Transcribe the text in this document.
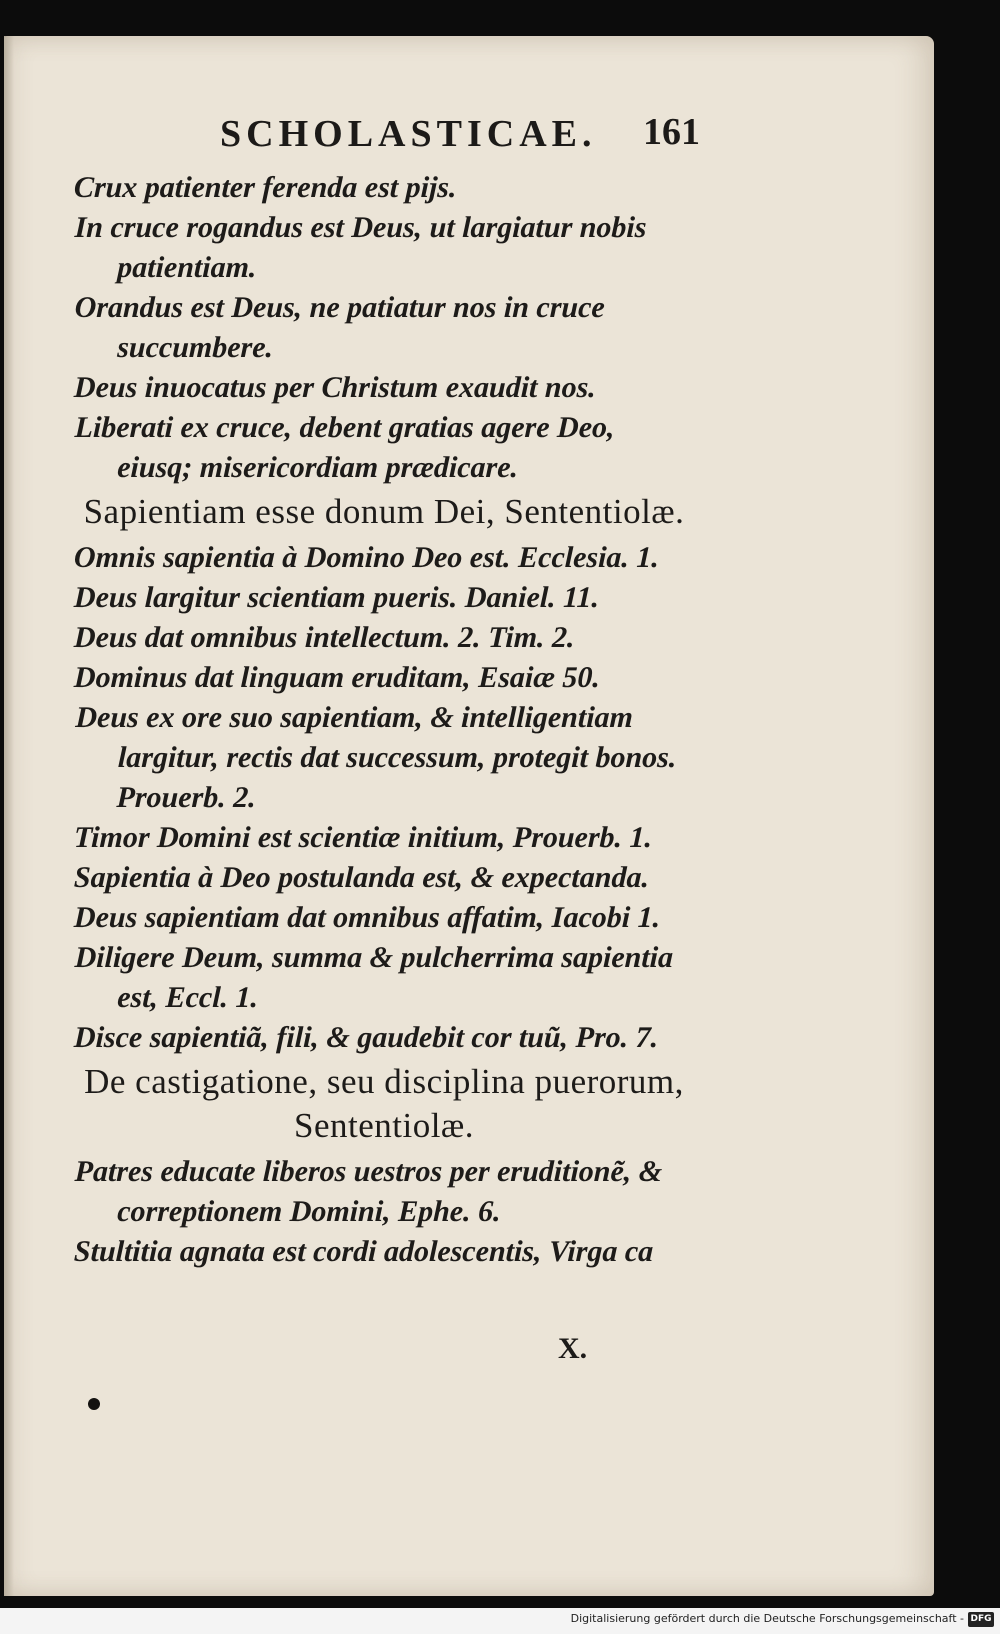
SCHOLASTICAE. 161

Crux patienter ferenda est pijs.

In cruce rogandus est Deus, ut largiatur nobis patientiam.

Orandus est Deus, ne patiatur nos in cruce succumbere.

Deus inuocatus per Christum exaudit nos.

Liberati ex cruce, debent gratias agere Deo, eiusq; misericordiam prædicare.

Sapientiam esse donum Dei, Sententiolæ.

Omnis sapientia à Domino Deo est. Ecclesia. 1.

Deus largitur scientiam pueris. Daniel. 11.

Deus dat omnibus intellectum. 2. Tim. 2.

Dominus dat linguam eruditam, Esaiæ 50.

Deus ex ore suo sapientiam, & intelligentiam largitur, rectis dat successum, protegit bonos. Prouerb. 2.

Timor Domini est scientiæ initium, Prouerb. 1.

Sapientia à Deo postulanda est, & expectanda.

Deus sapientiam dat omnibus affatim, Iacobi 1.

Diligere Deum, summa & pulcherrima sapientia est, Eccl. 1.

Disce sapientiã, fili, & gaudebit cor tuũ, Pro. 7.

De castigatione, seu disciplina puerorum, Sententiolæ.

Patres educate liberos uestros per eruditionẽ, & correptionem Domini, Ephe. 6.

Stultitia agnata est cordi adolescentis, Virga ca

X.
Digitalisierung gefördert durch die Deutsche Forschungsgemeinschaft - DFG
